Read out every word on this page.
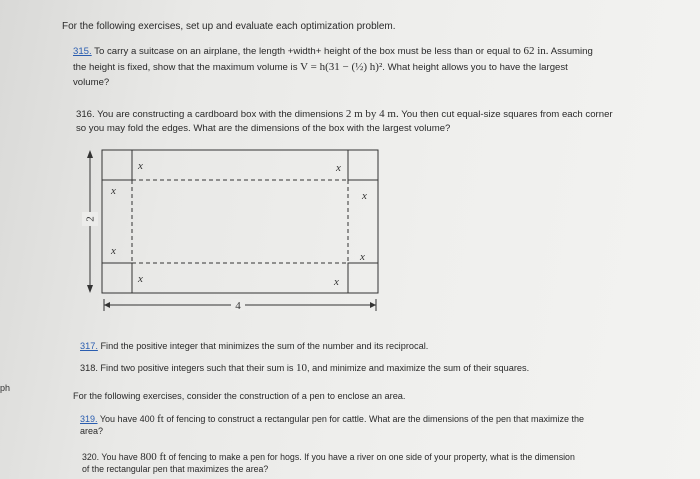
For the following exercises, set up and evaluate each optimization problem.
315. To carry a suitcase on an airplane, the length +width+ height of the box must be less than or equal to 62 in. Assuming
the height is fixed, show that the maximum volume is V = h(31 − (½) h)². What height allows you to have the largest
volume?
316. You are constructing a cardboard box with the dimensions 2 m by 4 m. You then cut equal-size squares from each corner
so you may fold the edges. What are the dimensions of the box with the largest volume?
x
x
x
x
x
x
x
x
2
4
317. Find the positive integer that minimizes the sum of the number and its reciprocal.
318. Find two positive integers such that their sum is 10, and minimize and maximize the sum of their squares.
ph
For the following exercises, consider the construction of a pen to enclose an area.
319. You have 400 ft of fencing to construct a rectangular pen for cattle. What are the dimensions of the pen that maximize the
area?
320. You have 800 ft of fencing to make a pen for hogs. If you have a river on one side of your property, what is the dimension
of the rectangular pen that maximizes the area?
